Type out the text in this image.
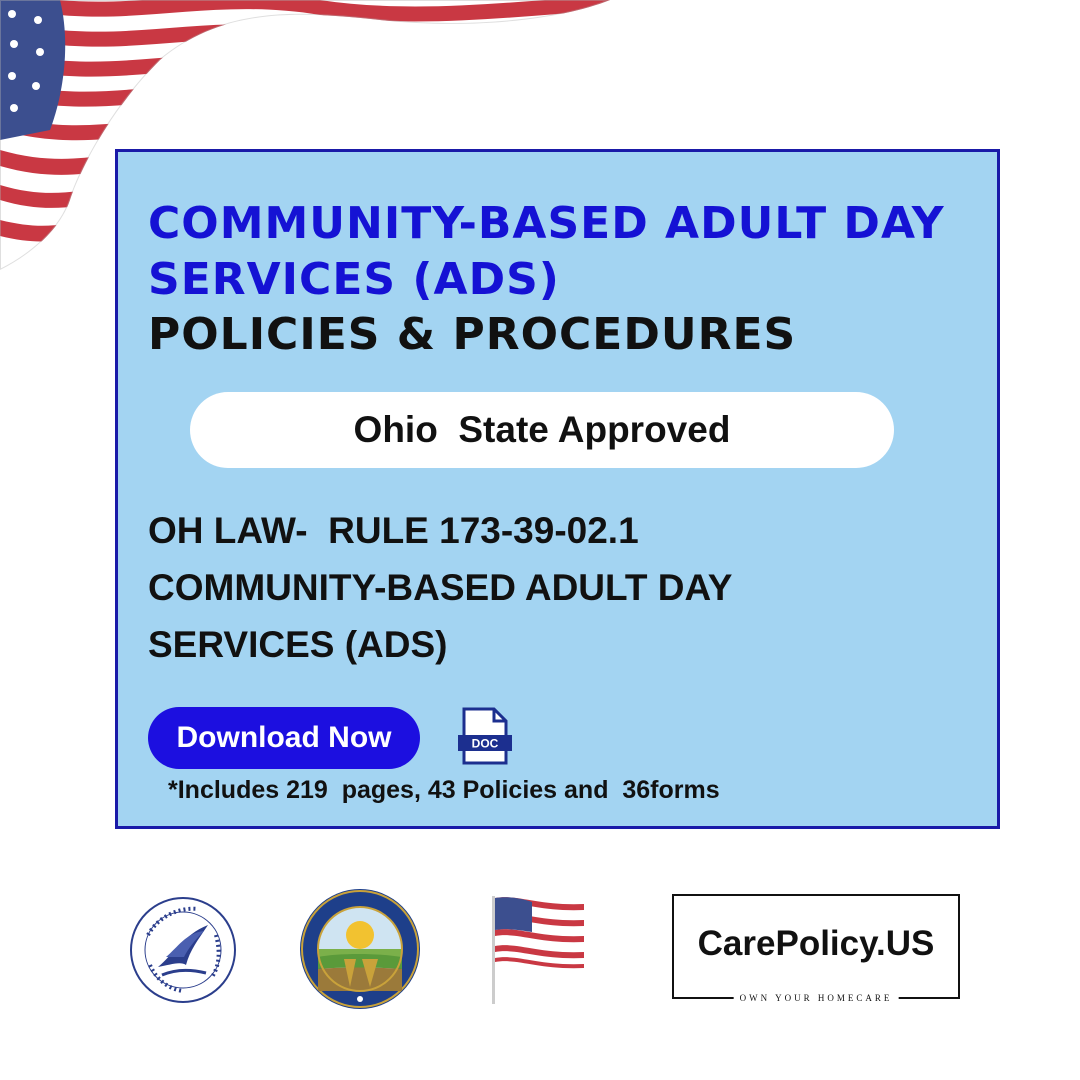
COMMUNITY-BASED ADULT DAY SERVICES (ADS)
POLICIES & PROCEDURES
Ohio  State Approved
OH LAW-  RULE 173-39-02.1
COMMUNITY-BASED ADULT DAY
SERVICES (ADS)
Download Now	DOC
*Includes 219  pages, 43 Policies and  36forms
CarePolicy.US
OWN YOUR HOMECARE
